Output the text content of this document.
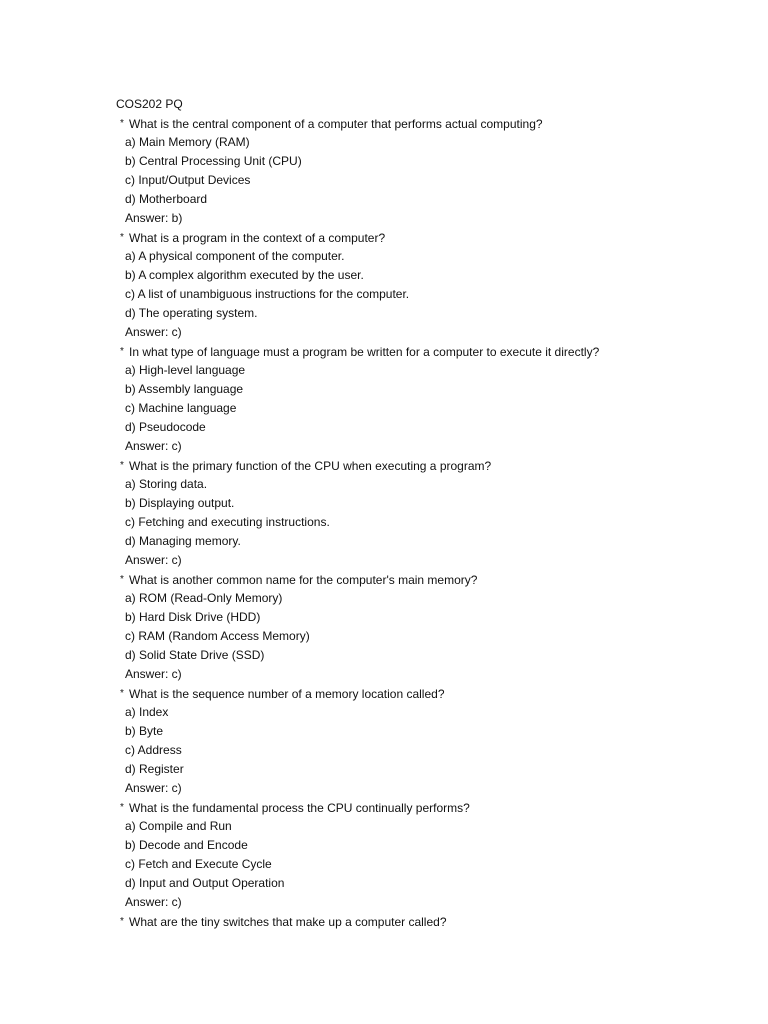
COS202 PQ
* What is the central component of a computer that performs actual computing?
a) Main Memory (RAM)
b) Central Processing Unit (CPU)
c) Input/Output Devices
d) Motherboard
Answer: b)
* What is a program in the context of a computer?
a) A physical component of the computer.
b) A complex algorithm executed by the user.
c) A list of unambiguous instructions for the computer.
d) The operating system.
Answer: c)
* In what type of language must a program be written for a computer to execute it directly?
a) High-level language
b) Assembly language
c) Machine language
d) Pseudocode
Answer: c)
* What is the primary function of the CPU when executing a program?
a) Storing data.
b) Displaying output.
c) Fetching and executing instructions.
d) Managing memory.
Answer: c)
* What is another common name for the computer's main memory?
a) ROM (Read-Only Memory)
b) Hard Disk Drive (HDD)
c) RAM (Random Access Memory)
d) Solid State Drive (SSD)
Answer: c)
* What is the sequence number of a memory location called?
a) Index
b) Byte
c) Address
d) Register
Answer: c)
* What is the fundamental process the CPU continually performs?
a) Compile and Run
b) Decode and Encode
c) Fetch and Execute Cycle
d) Input and Output Operation
Answer: c)
* What are the tiny switches that make up a computer called?
